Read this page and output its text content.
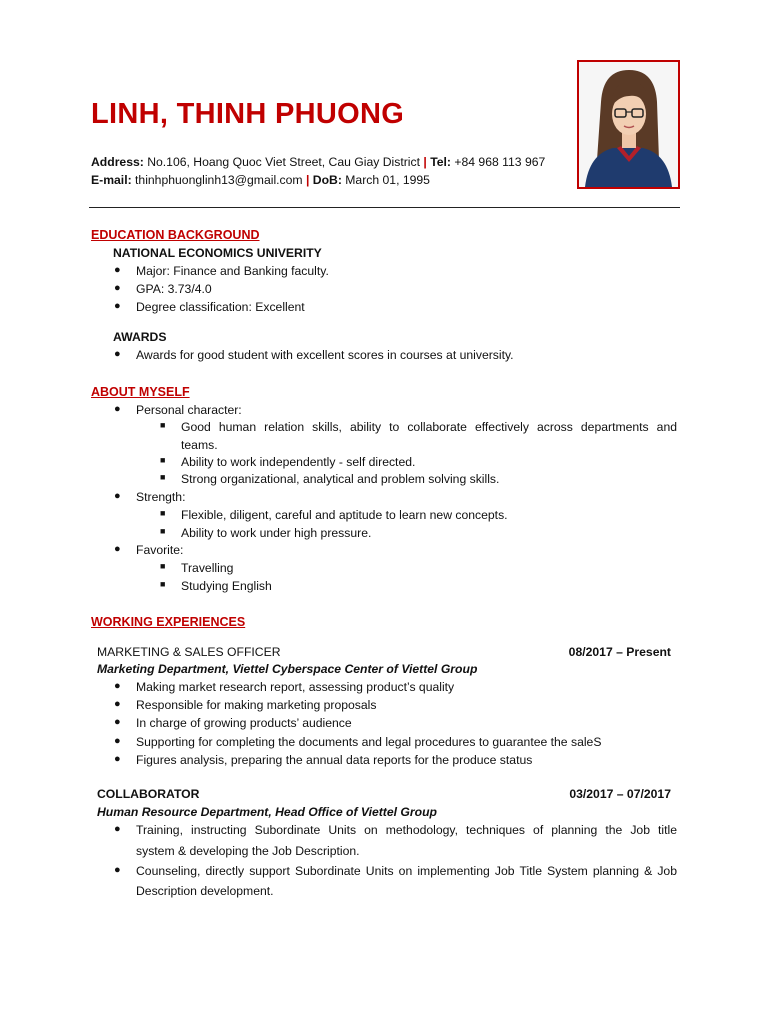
LINH, THINH PHUONG
Address: No.106, Hoang Quoc Viet Street, Cau Giay District | Tel: +84 968 113 967
E-mail: thinhphuonglinh13@gmail.com | DoB: March 01, 1995
EDUCATION BACKGROUND
NATIONAL ECONOMICS UNIVERITY
● Major: Finance and Banking faculty.
● GPA: 3.73/4.0
● Degree classification: Excellent
AWARDS
● Awards for good student with excellent scores in courses at university.
ABOUT MYSELF
● Personal character:
■ Good human relation skills, ability to collaborate effectively across departments and
teams.
■ Ability to work independently - self directed.
■ Strong organizational, analytical and problem solving skills.
● Strength:
■ Flexible, diligent, careful and aptitude to learn new concepts.
■ Ability to work under high pressure.
● Favorite:
■ Travelling
■ Studying English
WORKING EXPERIENCES
MARKETING & SALES OFFICER	08/2017 – Present
Marketing Department, Viettel Cyberspace Center of Viettel Group
● Making market research report, assessing product’s quality
● Responsible for making marketing proposals
● In charge of growing products’ audience
● Supporting for completing the documents and legal procedures to guarantee the saleS
● Figures analysis, preparing the annual data reports for the produce status
COLLABORATOR	03/2017 – 07/2017
Human Resource Department, Head Office of Viettel Group
● Training, instructing Subordinate Units on methodology, techniques of planning the Job title
system & developing the Job Description.
● Counseling, directly support Subordinate Units on implementing Job Title System planning & Job
Description development.
